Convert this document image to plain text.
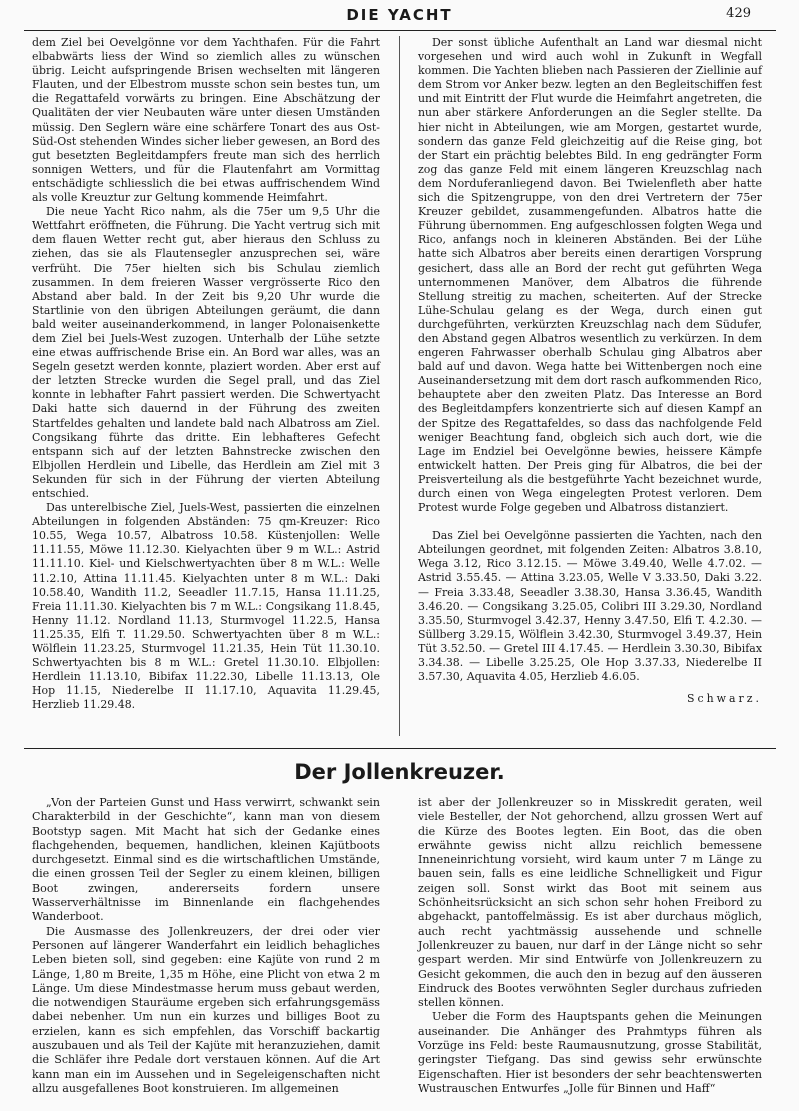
DIE YACHT	429

dem Ziel bei Oevelgönne vor dem Yachthafen. Für die Fahrt elbabwärts liess der Wind so ziemlich alles zu wünschen übrig. Leicht aufspringende Brisen wechselten mit längeren Flauten, und der Elbestrom musste schon sein bestes tun, um die Regattafeld vorwärts zu bringen. Eine Abschätzung der Qualitäten der vier Neubauten wäre unter diesen Umständen müssig. Den Seglern wäre eine schärfere Tonart des aus Ost-Süd-Ost stehenden Windes sicher lieber gewesen, an Bord des gut besetzten Begleitdampfers freute man sich des herrlich sonnigen Wetters, und für die Flautenfahrt am Vormittag entschädigte schliesslich die bei etwas auffrischendem Wind als volle Kreuztur zur Geltung kommende Heimfahrt.

Die neue Yacht Rico nahm, als die 75er um 9,5 Uhr die Wettfahrt eröffneten, die Führung. Die Yacht vertrug sich mit dem flauen Wetter recht gut, aber hieraus den Schluss zu ziehen, das sie als Flautensegler anzusprechen sei, wäre verfrüht. Die 75er hielten sich bis Schulau ziemlich zusammen. In dem freieren Wasser vergrösserte Rico den Abstand aber bald. In der Zeit bis 9,20 Uhr wurde die Startlinie von den übrigen Abteilungen geräumt, die dann bald weiter auseinanderkommend, in langer Polonaisenkette dem Ziel bei Juels-West zuzogen. Unterhalb der Lühe setzte eine etwas auffrischende Brise ein. An Bord war alles, was an Segeln gesetzt werden konnte, plaziert worden. Aber erst auf der letzten Strecke wurden die Segel prall, und das Ziel konnte in lebhafter Fahrt passiert werden. Die Schwertyacht Daki hatte sich dauernd in der Führung des zweiten Startfeldes gehalten und landete bald nach Albatross am Ziel. Congsikang führte das dritte. Ein lebhafteres Gefecht entspann sich auf der letzten Bahnstrecke zwischen den Elbjollen Herdlein und Libelle, das Herdlein am Ziel mit 3 Sekunden für sich in der Führung der vierten Abteilung entschied.

Das unterelbische Ziel, Juels-West, passierten die einzelnen Abteilungen in folgenden Abständen: 75 qm-Kreuzer: Rico 10.55, Wega 10.57, Albatross 10.58. Küstenjollen: Welle 11.11.55, Möwe 11.12.30. Kielyachten über 9 m W.L.: Astrid 11.11.10. Kiel- und Kielschwertyachten über 8 m W.L.: Welle 11.2.10, Attina 11.11.45. Kielyachten unter 8 m W.L.: Daki 10.58.40, Wandith 11.2, Seeadler 11.7.15, Hansa 11.11.25, Freia 11.11.30. Kielyachten bis 7 m W.L.: Congsikang 11.8.45, Henny 11.12. Nordland 11.13, Sturmvogel 11.22.5, Hansa 11.25.35, Elfi T. 11.29.50. Schwertyachten über 8 m W.L.: Wölflein 11.23.25, Sturmvogel 11.21.35, Hein Tüt 11.30.10. Schwertyachten bis 8 m W.L.: Gretel 11.30.10. Elbjollen: Herdlein 11.13.10, Bibifax 11.22.30, Libelle 11.13.13, Ole Hop 11.15, Niederelbe II 11.17.10, Aquavita 11.29.45, Herzlieb 11.29.48.

Der sonst übliche Aufenthalt an Land war diesmal nicht vorgesehen und wird auch wohl in Zukunft in Wegfall kommen. Die Yachten blieben nach Passieren der Ziellinie auf dem Strom vor Anker bezw. legten an den Begleitschiffen fest und mit Eintritt der Flut wurde die Heimfahrt angetreten, die nun aber stärkere Anforderungen an die Segler stellte. Da hier nicht in Abteilungen, wie am Morgen, gestartet wurde, sondern das ganze Feld gleichzeitig auf die Reise ging, bot der Start ein prächtig belebtes Bild. In eng gedrängter Form zog das ganze Feld mit einem längeren Kreuzschlag nach dem Norduferanliegend davon. Bei Twielenfleth aber hatte sich die Spitzengruppe, von den drei Vertretern der 75er Kreuzer gebildet, zusammengefunden. Albatros hatte die Führung übernommen. Eng aufgeschlossen folgten Wega und Rico, anfangs noch in kleineren Abständen. Bei der Lühe hatte sich Albatros aber bereits einen derartigen Vorsprung gesichert, dass alle an Bord der recht gut geführten Wega unternommenen Manöver, dem Albatros die führende Stellung streitig zu machen, scheiterten. Auf der Strecke Lühe-Schulau gelang es der Wega, durch einen gut durchgeführten, verkürzten Kreuzschlag nach dem Südufer, den Abstand gegen Albatros wesentlich zu verkürzen. In dem engeren Fahrwasser oberhalb Schulau ging Albatros aber bald auf und davon. Wega hatte bei Wittenbergen noch eine Auseinandersetzung mit dem dort rasch aufkommenden Rico, behauptete aber den zweiten Platz. Das Interesse an Bord des Begleitdampfers konzentrierte sich auf diesen Kampf an der Spitze des Regattafeldes, so dass das nachfolgende Feld weniger Beachtung fand, obgleich sich auch dort, wie die Lage im Endziel bei Oevelgönne bewies, heissere Kämpfe entwickelt hatten. Der Preis ging für Albatros, die bei der Preisverteilung als die bestgeführte Yacht bezeichnet wurde, durch einen von Wega eingelegten Protest verloren. Dem Protest wurde Folge gegeben und Albatross distanziert.

Das Ziel bei Oevelgönne passierten die Yachten, nach den Abteilungen geordnet, mit folgenden Zeiten: Albatros 3.8.10, Wega 3.12, Rico 3.12.15. — Möwe 3.49.40, Welle 4.7.02. — Astrid 3.55.45. — Attina 3.23.05, Welle V 3.33.50, Daki 3.22. — Freia 3.33.48, Seeadler 3.38.30, Hansa 3.36.45, Wandith 3.46.20. — Congsikang 3.25.05, Colibri III 3.29.30, Nordland 3.35.50, Sturmvogel 3.42.37, Henny 3.47.50, Elfi T. 4.2.30. — Süllberg 3.29.15, Wölflein 3.42.30, Sturmvogel 3.49.37, Hein Tüt 3.52.50. — Gretel III 4.17.45. — Herdlein 3.30.30, Bibifax 3.34.38. — Libelle 3.25.25, Ole Hop 3.37.33, Niederelbe II 3.57.30, Aquavita 4.05, Herzlieb 4.6.05.

Schwarz.

Der Jollenkreuzer.

„Von der Parteien Gunst und Hass verwirrt, schwankt sein Charakterbild in der Geschichte“, kann man von diesem Bootstyp sagen. Mit Macht hat sich der Gedanke eines flachgehenden, bequemen, handlichen, kleinen Kajütboots durchgesetzt. Einmal sind es die wirtschaftlichen Umstände, die einen grossen Teil der Segler zu einem kleinen, billigen Boot zwingen, andererseits fordern unsere Wasserverhältnisse im Binnenlande ein flachgehendes Wanderboot.

Die Ausmasse des Jollenkreuzers, der drei oder vier Personen auf längerer Wanderfahrt ein leidlich behagliches Leben bieten soll, sind gegeben: eine Kajüte von rund 2 m Länge, 1,80 m Breite, 1,35 m Höhe, eine Plicht von etwa 2 m Länge. Um diese Mindestmasse herum muss gebaut werden, die notwendigen Stauräume ergeben sich erfahrungsgemäss dabei nebenher. Um nun ein kurzes und billiges Boot zu erzielen, kann es sich empfehlen, das Vorschiff backartig auszubauen und als Teil der Kajüte mit heranzuziehen, damit die Schläfer ihre Pedale dort verstauen können. Auf die Art kann man ein im Aussehen und in Segeleigenschaften nicht allzu ausgefallenes Boot konstruieren. Im allgemeinen

ist aber der Jollenkreuzer so in Misskredit geraten, weil viele Besteller, der Not gehorchend, allzu grossen Wert auf die Kürze des Bootes legten. Ein Boot, das die oben erwähnte gewiss nicht allzu reichlich bemessene Inneneinrichtung vorsieht, wird kaum unter 7 m Länge zu bauen sein, falls es eine leidliche Schnelligkeit und Figur zeigen soll. Sonst wirkt das Boot mit seinem aus Schönheitsrücksicht an sich schon sehr hohen Freibord zu abgehackt, pantoffelmässig. Es ist aber durchaus möglich, auch recht yachtmässig aussehende und schnelle Jollenkreuzer zu bauen, nur darf in der Länge nicht so sehr gespart werden. Mir sind Entwürfe von Jollenkreuzern zu Gesicht gekommen, die auch den in bezug auf den äusseren Eindruck des Bootes verwöhnten Segler durchaus zufrieden stellen können.

Ueber die Form des Hauptspants gehen die Meinungen auseinander. Die Anhänger des Prahmtyps führen als Vorzüge ins Feld: beste Raumausnutzung, grosse Stabilität, geringster Tiefgang. Das sind gewiss sehr erwünschte Eigenschaften. Hier ist besonders der sehr beachtenswerten Wustrauschen Entwurfes „Jolle für Binnen und Haff“
